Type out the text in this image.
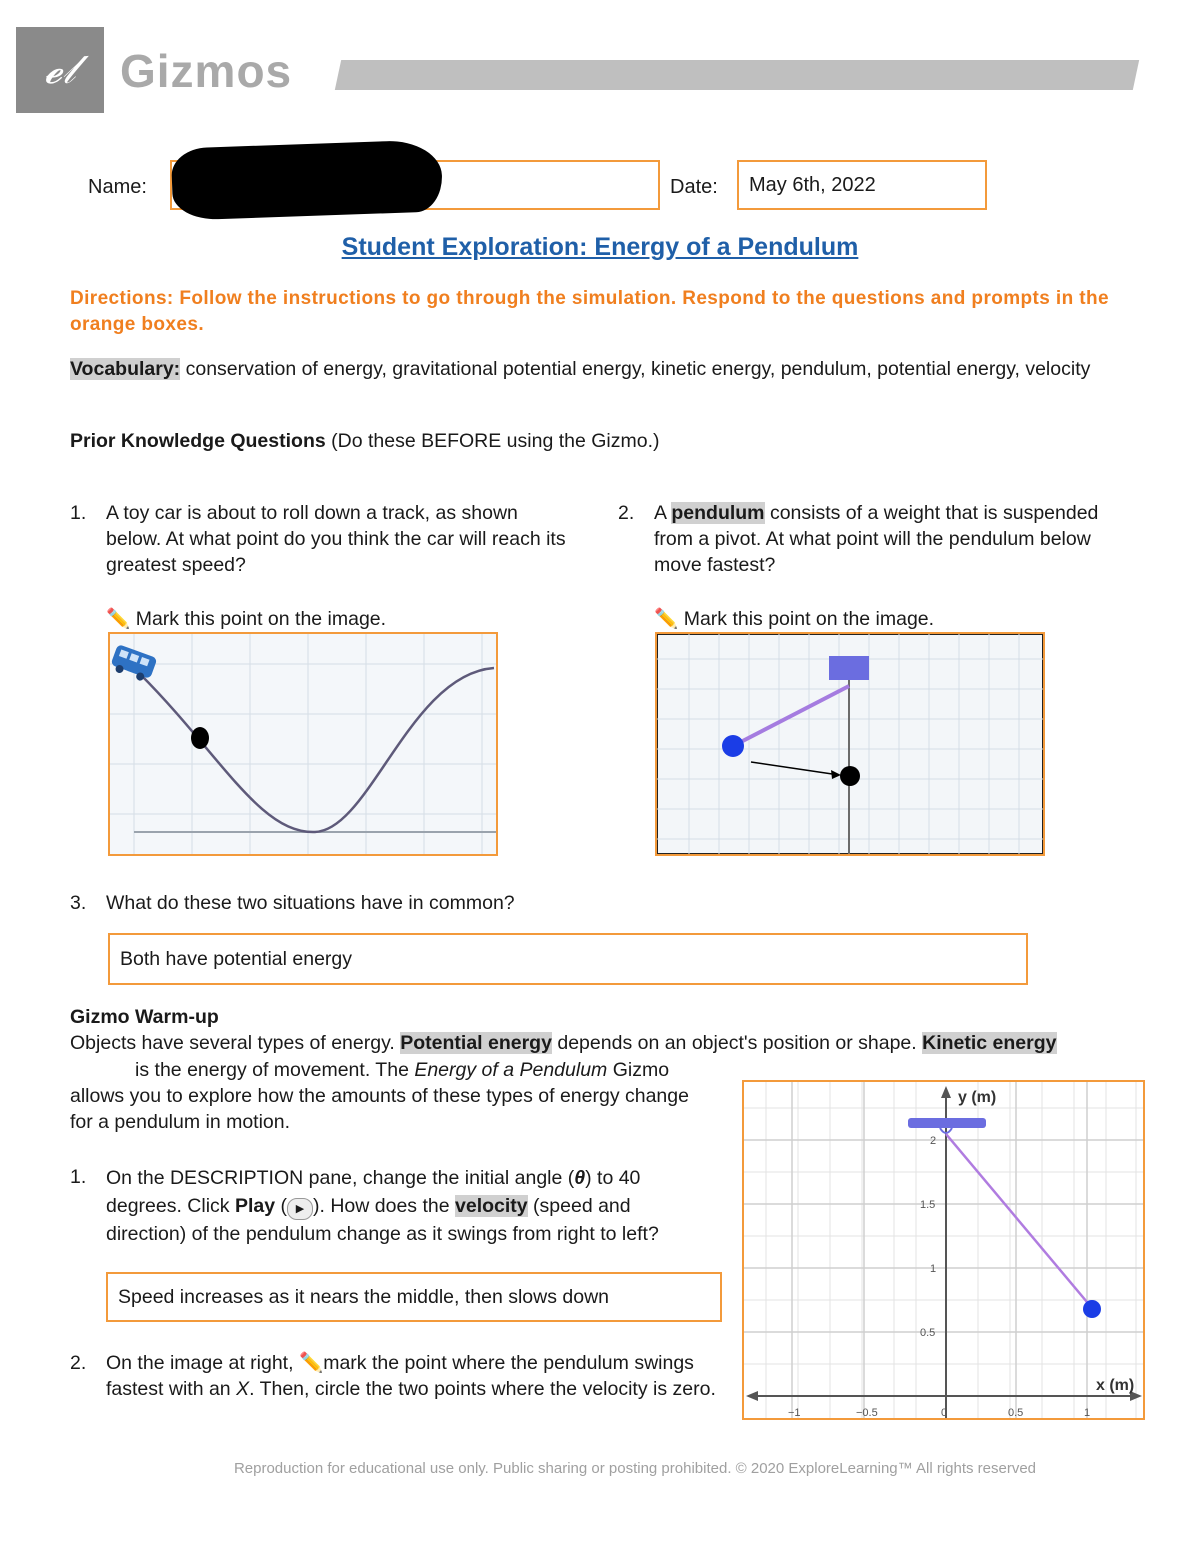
𝓮𝓁 Gizmos
Name:	Date: May 6th, 2022
Student Exploration: Energy of a Pendulum
Directions: Follow the instructions to go through the simulation. Respond to the questions and prompts in the orange boxes.
Vocabulary: conservation of energy, gravitational potential energy, kinetic energy, pendulum, potential energy, velocity
Prior Knowledge Questions (Do these BEFORE using the Gizmo.)
1. A toy car is about to roll down a track, as shown below. At what point do you think the car will reach its greatest speed?
✏️ Mark this point on the image.
2. A pendulum consists of a weight that is suspended from a pivot. At what point will the pendulum below move fastest?
✏️ Mark this point on the image.
3. What do these two situations have in common?
Both have potential energy
Gizmo Warm-up
Objects have several types of energy. Potential energy depends on an object's position or shape. Kinetic energy
is the energy of movement. The Energy of a Pendulum Gizmo allows you to explore how the amounts of these types of energy change for a pendulum in motion.
1. On the DESCRIPTION pane, change the initial angle (θ) to 40 degrees. Click Play ( ▶ ). How does the velocity (speed and direction) of the pendulum change as it swings from right to left?
Speed increases as it nears the middle, then slows down
2. On the image at right, ✏️mark the point where the pendulum swings fastest with an X. Then, circle the two points where the velocity is zero.
y (m)
x (m)
2
1.5
1
0.5
−1	−0.5	0	0.5	1
Reproduction for educational use only. Public sharing or posting prohibited. © 2020 ExploreLearning™ All rights reserved
